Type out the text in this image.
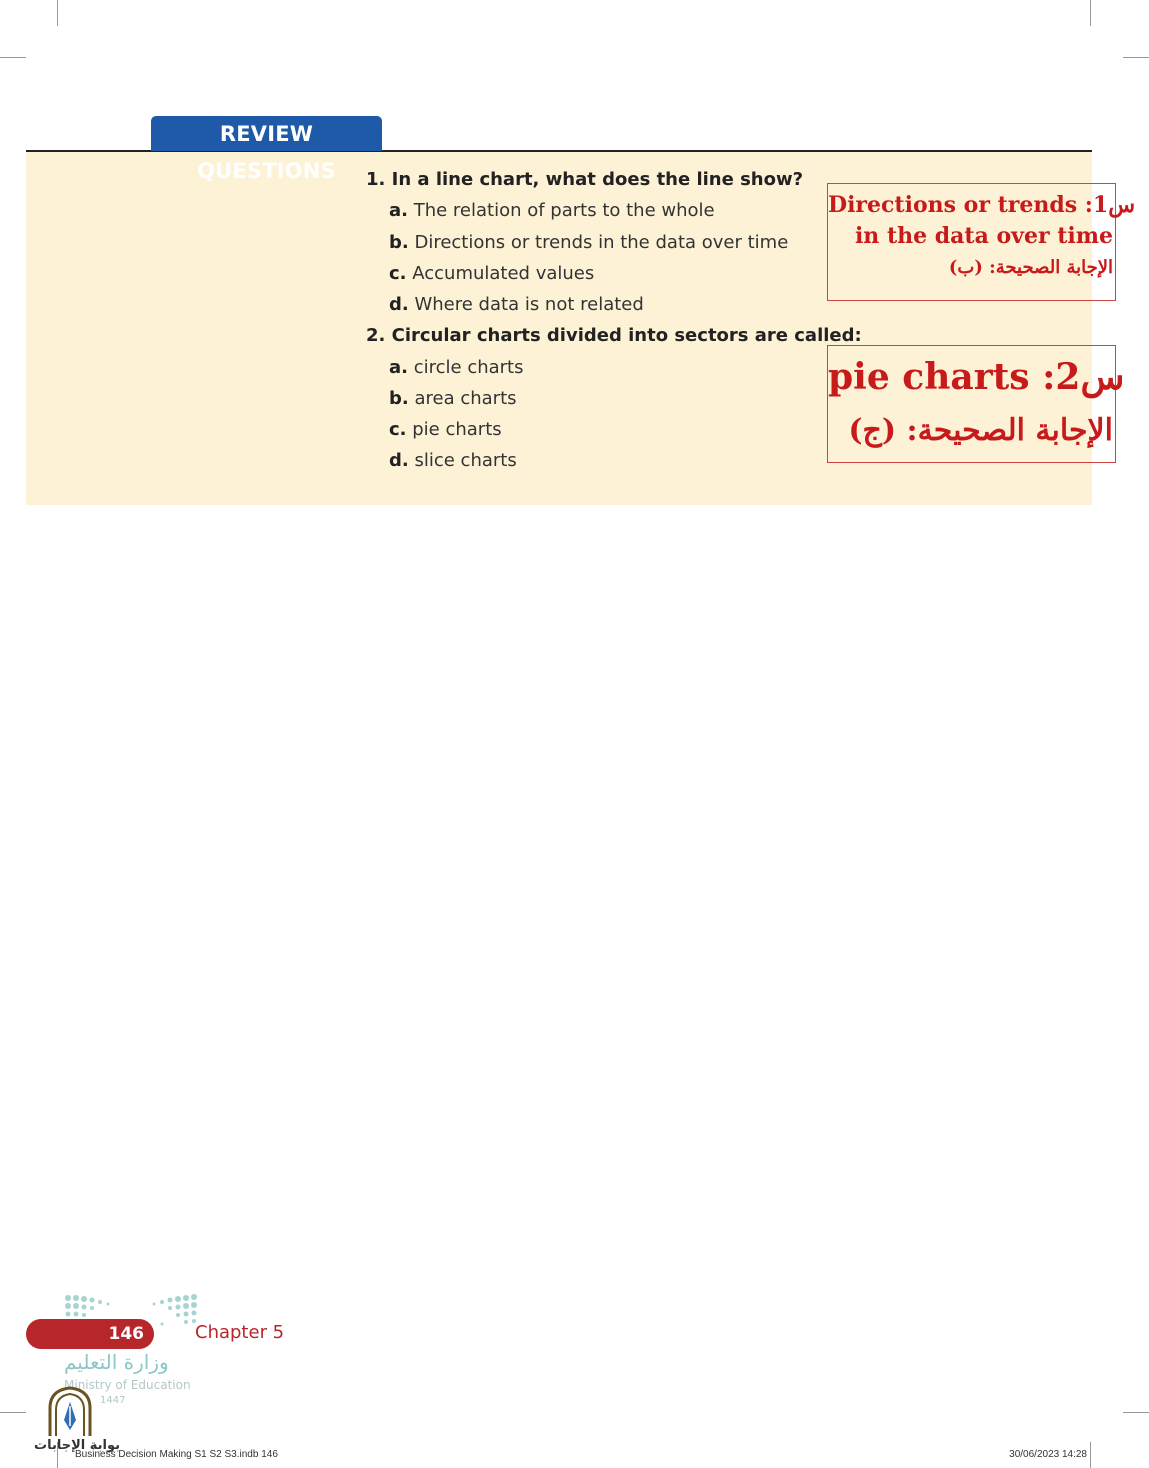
REVIEW QUESTIONS	1. In a line chart, what does the line show?
a. The relation of parts to the whole
b. Directions or trends in the data over time
c. Accumulated values
d. Where data is not related
2. Circular charts divided into sectors are called:
a. circle charts
b. area charts
c. pie charts
d. slice charts
Directions or trends :1س
in the data over time
الإجابة الصحيحة: (ب)
pie charts :2س
الإجابة الصحيحة: (ج)
146	Chapter 5
وزارة التعليم
Ministry of Education
1447
بوابة الإجابات
Business Decision Making S1 S2 S3.indb 146	30/06/2023 14:28
